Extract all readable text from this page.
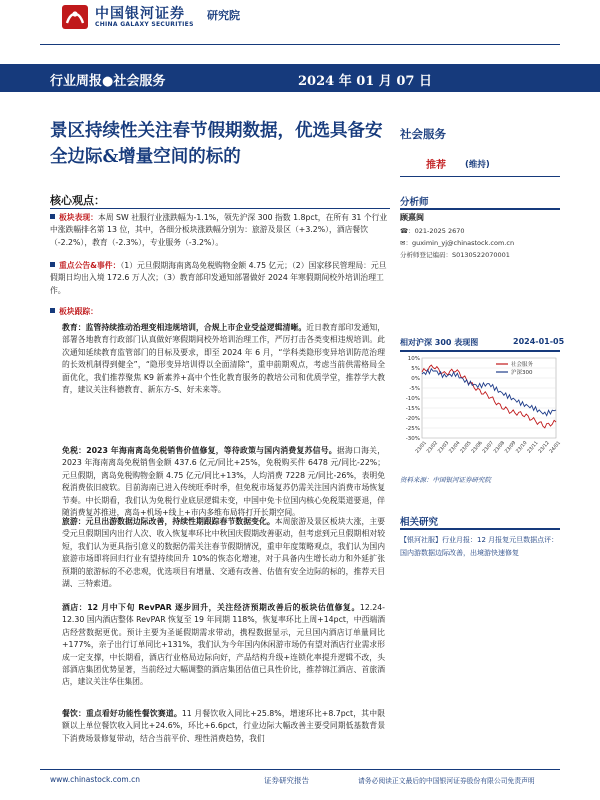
中国银河证券
CHINA GALAXY SECURITIES
研究院
行业周报●社会服务	2024 年 01 月 07 日
景区持续性关注春节假期数据，优选具备安全边际&增量空间的标的
社会服务
推荐 (维持)
分析师
顾熹闽
☎：021-2025 2670
✉：guximin_yj@chinastock.com.cn
分析师登记编码：S0130522070001
相对沪深 300 表现图	2024-01-05
10%
5%
0%
-5%
-10%
-15%
-20%
-25%
-30%
23/01
23/02
23/03
23/04
23/05
23/06
23/07
23/08
23/09
23/10
23/11
23/12
24/01
社会服务
沪深300
资料来源：中国银河证券研究院
相关研究
【银河社服】行业月报：12 月报复元旦数据点评：国内游数据边际改善，出境游快速修复
核心观点：
板块表现：本周 SW 社服行业涨跌幅为-1.1%，领先沪深 300 指数 1.8pct，在所有 31 个行业中涨跌幅排名第 13 位，其中，各细分板块涨跌幅分别为：旅游及景区（+3.2%），酒店餐饮（-2.2%），教育（-2.3%），专业服务（-3.2%）。
重点公告&事件：（1）元旦假期海南离岛免税购物金额 4.75 亿元；（2）国家移民管理局：元旦假期日均出入境 172.6 万人次；（3）教育部印发通知部署做好 2024 年寒假期间校外培训治理工作。
板块跟踪：
教育：监管持续推动治理变相违规培训，合规上市企业受益逻辑清晰。近日教育部印发通知，部署各地教育行政部门认真做好寒假期间校外培训治理工作，严厉打击各类变相违规培训。此次通知延续教育监管部门的目标及要求，即至 2024 年 6 月，“学科类隐形变异培训防范治理的长效机制得到健全”，“隐形变异培训得以全面清除”，重申前期观点，考虑当前供需格局全面优化，我们推荐聚焦 K9 新素养+高中个性化教育服务的教培公司和优质学堂，推荐学大教育，建议关注科德教育、新东方-S、好未来等。
免税：2023 年海南离岛免税销售价值修复，等待政策与国内消费复苏信号。据海口海关，2023 年海南离岛免税销售金额 437.6 亿元/同比+25%，免税购买件 6478 元/同比-22%；元旦假期，离岛免税购物金额 4.75 亿元/同比+13%，人均消费 7228 元/同比-26%，表明免税消费依旧疲软。目前海南已进入传统旺季时季，但免税市场复苏仍需关注国内消费市场恢复节奏。中长期看，我们认为免税行业底层逻辑未变，中国中免卡位国内核心免税渠道要退，伴随消费复苏推进，离岛+机场+线上+市内多维布局将打开长期空间。
旅游：元旦出游数据边际改善，持续性期跟踪春节数据变化。本周旅游及景区板块大涨，主要受元旦假期国内出行人次、收入恢复率环比中秋国庆假期改善驱动，但考虑到元旦假期相对较短，我们认为更具指引意义的数据仍需关注春节假期情况，重申年度策略观点，我们认为国内旅游市场即将回归行业有望持续回升 10%的恢态化增速，对于具备内生增长动力和外延扩张预期的旅游标的不必悲观，优选项目有增量、交通有改善、估值有安全边际的标的，推荐天目湖、三特索道。
酒店：12 月中下旬 RevPAR 逐步回升，关注经济预期改善后的板块估值修复。12.24-12.30 国内酒店整体 RevPAR 恢复至 19 年同期 118%，恢复率环比上周+14pct，中西端酒店经营数据更优。预计主要为圣诞假期需求带动，携程数据显示，元旦国内酒店订单量同比+177%，亲子出行订单同比+131%，我们认为今年国内休闲游市场仍有望对酒店行业需求形成一定支撑，中长期看，酒店行业格局边际向好，产品结构升级+连锁化率提升逻辑不改，头部酒店集团优势显著，当前经过大幅调整的酒店集团估值已具性价比，推荐锦江酒店、首旅酒店，建议关注华住集团。
餐饮：重点看好功能性餐饮赛道。11 月餐饮收入同比+25.8%，增速环比+8.7pct，其中限额以上单位餐饮收入同比+24.6%，环比+6.6pct，行业边际大幅改善主要受同期低基数背景下消费场景修复带动，结合当前平价、理性消费趋势，我们
www.chinastock.com.cn	证券研究报告	请务必阅读正文最后的中国银河证券股份有限公司免责声明
